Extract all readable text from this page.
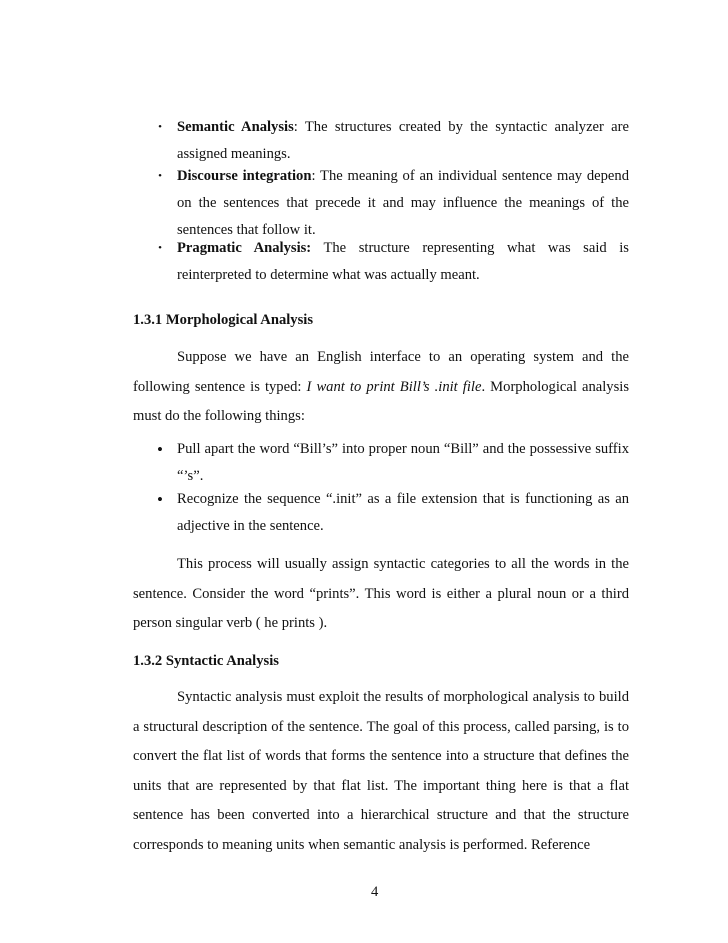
• Semantic Analysis: The structures created by the syntactic analyzer are assigned meanings.
• Discourse integration: The meaning of an individual sentence may depend on the sentences that precede it and may influence the meanings of the sentences that follow it.
• Pragmatic Analysis: The structure representing what was said is reinterpreted to determine what was actually meant.
1.3.1 Morphological Analysis

Suppose we have an English interface to an operating system and the following sentence is typed: I want to print Bill’s .init file. Morphological analysis must do the following things:

• Pull apart the word “Bill’s” into proper noun “Bill” and the possessive suffix “’s”.
• Recognize the sequence “.init” as a file extension that is functioning as an adjective in the sentence.

This process will usually assign syntactic categories to all the words in the sentence. Consider the word “prints”. This word is either a plural noun or a third person singular verb ( he prints ).

1.3.2 Syntactic Analysis

Syntactic analysis must exploit the results of morphological analysis to build a structural description of the sentence. The goal of this process, called parsing, is to convert the flat list of words that forms the sentence into a structure that defines the units that are represented by that flat list. The important thing here is that a flat sentence has been converted into a hierarchical structure and that the structure corresponds to meaning units when semantic analysis is performed. Reference

4
